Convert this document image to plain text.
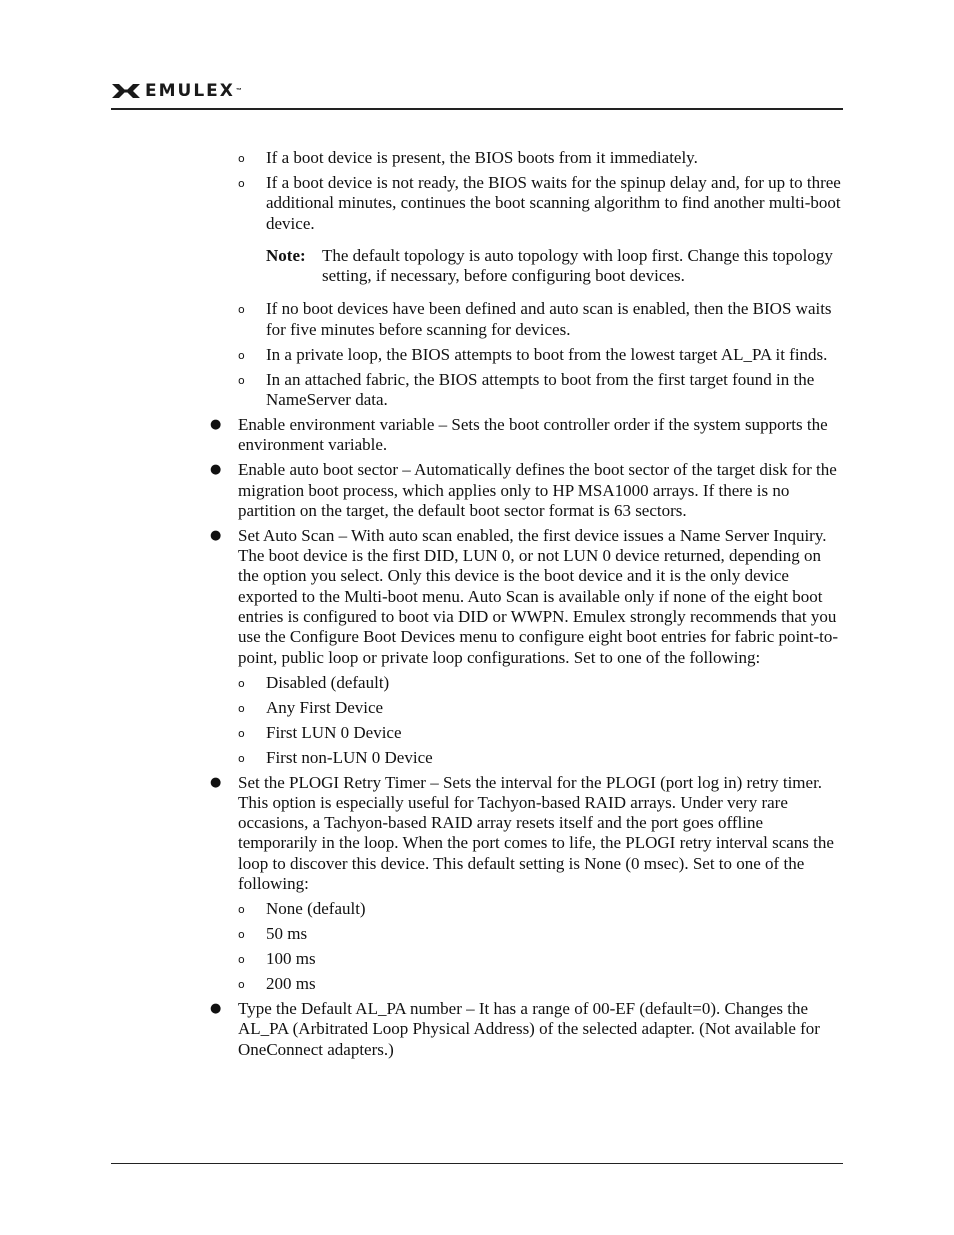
EMULEX™
o If a boot device is present, the BIOS boots from it immediately.
o If a boot device is not ready, the BIOS waits for the spinup delay and, for up to three additional minutes, continues the boot scanning algorithm to find another multi-boot device.
Note: The default topology is auto topology with loop first. Change this topology setting, if necessary, before configuring boot devices.
o If no boot devices have been defined and auto scan is enabled, then the BIOS waits for five minutes before scanning for devices.
o In a private loop, the BIOS attempts to boot from the lowest target AL_PA it finds.
o In an attached fabric, the BIOS attempts to boot from the first target found in the NameServer data.
● Enable environment variable – Sets the boot controller order if the system supports the environment variable.
● Enable auto boot sector – Automatically defines the boot sector of the target disk for the migration boot process, which applies only to HP MSA1000 arrays. If there is no partition on the target, the default boot sector format is 63 sectors.
● Set Auto Scan – With auto scan enabled, the first device issues a Name Server Inquiry. The boot device is the first DID, LUN 0, or not LUN 0 device returned, depending on the option you select. Only this device is the boot device and it is the only device exported to the Multi-boot menu. Auto Scan is available only if none of the eight boot entries is configured to boot via DID or WWPN. Emulex strongly recommends that you use the Configure Boot Devices menu to configure eight boot entries for fabric point-to-point, public loop or private loop configurations. Set to one of the following:
o Disabled (default)
o Any First Device
o First LUN 0 Device
o First non-LUN 0 Device
● Set the PLOGI Retry Timer – Sets the interval for the PLOGI (port log in) retry timer. This option is especially useful for Tachyon-based RAID arrays. Under very rare occasions, a Tachyon-based RAID array resets itself and the port goes offline temporarily in the loop. When the port comes to life, the PLOGI retry interval scans the loop to discover this device. This default setting is None (0 msec). Set to one of the following:
o None (default)
o 50 ms
o 100 ms
o 200 ms
● Type the Default AL_PA number – It has a range of 00-EF (default=0). Changes the AL_PA (Arbitrated Loop Physical Address) of the selected adapter. (Not available for OneConnect adapters.)
